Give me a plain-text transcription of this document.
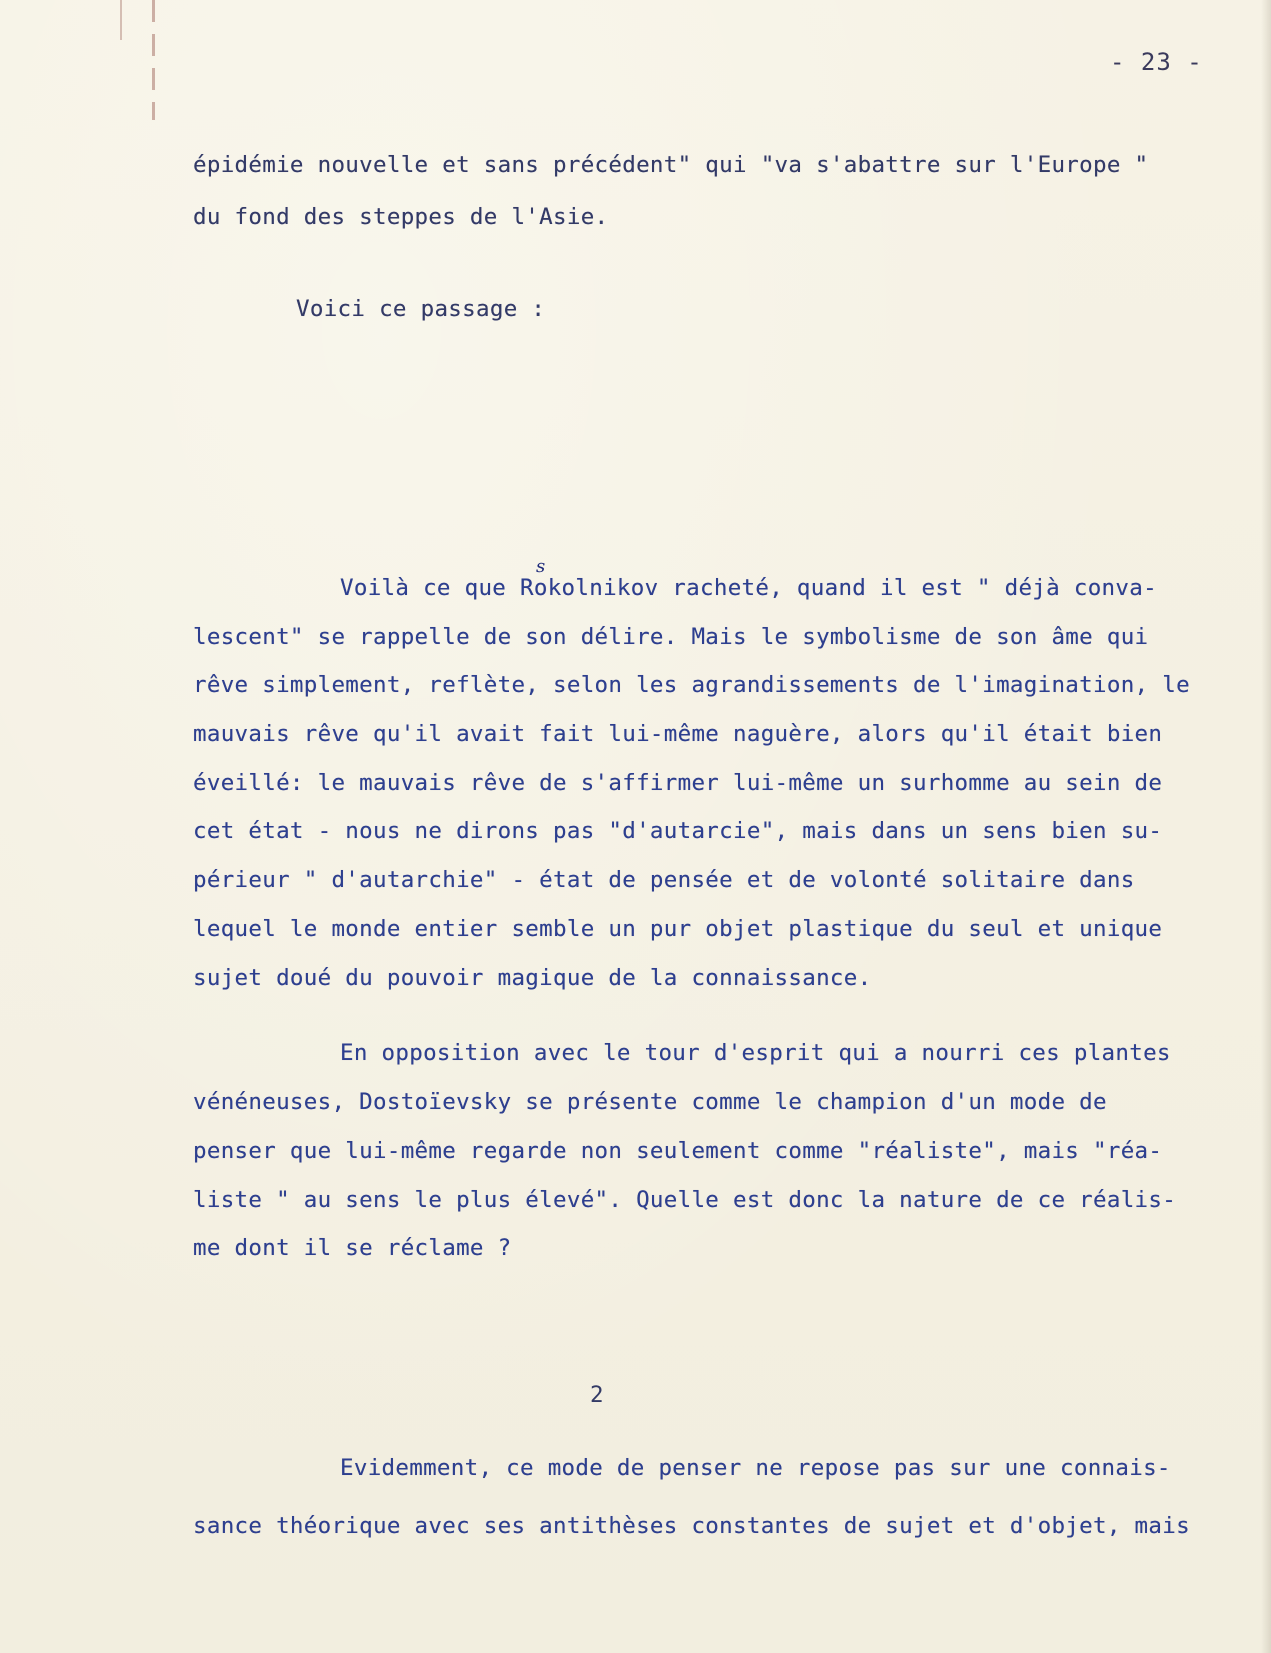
- 23 -
épidémie nouvelle et sans précédent" qui "va s'abattre sur l'Europe "
du fond des steppes de l'Asie.
Voici ce passage :
Voilà ce que Rokolnikov racheté, quand il est " déjà conva-
s
lescent" se rappelle de son délire. Mais le symbolisme de son âme qui
rêve simplement, reflète, selon les agrandissements de l'imagination, le
mauvais rêve qu'il avait fait lui-même naguère, alors qu'il était bien
éveillé: le mauvais rêve de s'affirmer lui-même un surhomme au sein de
cet état - nous ne dirons pas "d'autarcie", mais dans un sens bien su-
périeur " d'autarchie" - état de pensée et de volonté solitaire dans
lequel le monde entier semble un pur objet plastique du seul et unique
sujet doué du pouvoir magique de la connaissance.
En opposition avec le tour d'esprit qui a nourri ces plantes
vénéneuses, Dostoïevsky se présente comme le champion d'un mode de
penser que lui-même regarde non seulement comme "réaliste", mais "réa-
liste " au sens le plus élevé". Quelle est donc la nature de ce réalis-
me dont il se réclame ?
2
Evidemment, ce mode de penser ne repose pas sur une connais-
sance théorique avec ses antithèses constantes de sujet et d'objet, mais
